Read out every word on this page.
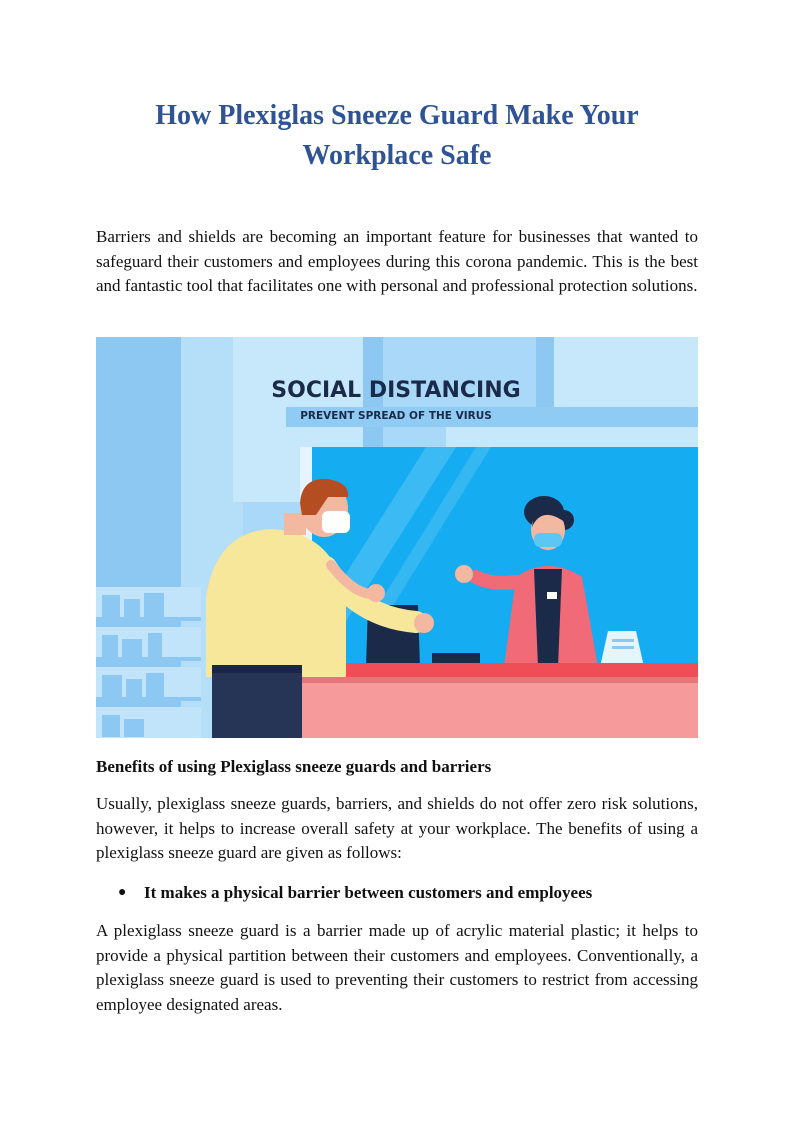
How Plexiglas Sneeze Guard Make Your Workplace Safe

Barriers and shields are becoming an important feature for businesses that wanted to safeguard their customers and employees during this corona pandemic. This is the best and fantastic tool that facilitates one with personal and professional protection solutions.

SOCIAL DISTANCING
PREVENT SPREAD OF THE VIRUS
Benefits of using Plexiglass sneeze guards and barriers

Usually, plexiglass sneeze guards, barriers, and shields do not offer zero risk solutions, however, it helps to increase overall safety at your workplace. The benefits of using a plexiglass sneeze guard are given as follows:

● It makes a physical barrier between customers and employees

A plexiglass sneeze guard is a barrier made up of acrylic material plastic; it helps to provide a physical partition between their customers and employees. Conventionally, a plexiglass sneeze guard is used to preventing their customers to restrict from accessing employee designated areas.
